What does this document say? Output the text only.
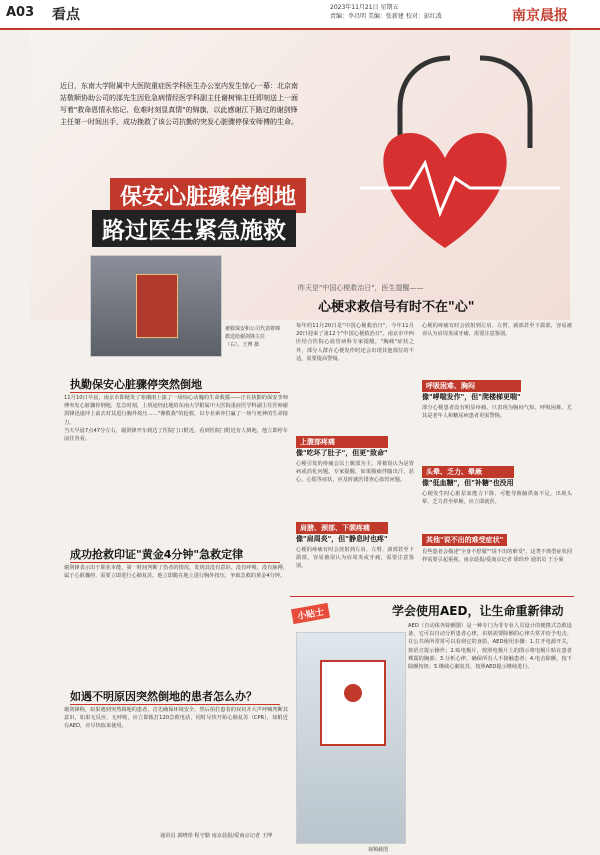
A03 看点	2023年11月21日 星期五
责编：李昌明 美编：张新建 校对：彭红波	南京晨报
近日，东南大学附属中大医院重症医学科医生办公室内发生惊心一幕：北京南站敬顺协助公司的邵先生因危急病情经医学科副主任谢树锦主任即刻送上一面写着"救命恩情永铭记、危难时刻显真情"的锦旗，以此感谢江下路过的谢剑锋主任第一时间出手，成功挽救了该公司抗勤的突发心脏骤停保安师傅的生命。
保安心脏骤停倒地
路过医生紧急施救
被救保安和公司代表将锦旗送给谢剑锋主任（右）。王博 摄
执勤保安心脏骤停突然倒地
11月10日早晨，南京市即梗发了寒潮雨上演了一场惊心动魄的生命救援——正在执勤的保安李师傅突发心脏骤停倒地，危急时刻，上班途经此地的东南大学附属中大医院重症医学科副主任医师谢剑锋迅速冲上前去对其进行胸外按压……"像救我"的抢救，以专业素养打赢了一场与死神的生命接力。
当天早晨7点47分左右，谢剑锋开车到达了医院门口附近，看到医院门附近有人倒地，他立即停车前往查看。
成功抢救印证"黄金4分钟"急救定律
谢剑锋表示出于职业本能，第一时间判断了伤者的情况，发现其没有意识、没有呼吸、没有脉搏，属于心脏骤停，需要立即进行心肺复苏。他立即跪在地上进行胸外按压，争取急救的黄金4分钟。
如遇不明原因突然倒地的患者怎么办？
谢剑锋称，如果遇到突然倒地的患者，首先确保环境安全，然后拍打患者的双肩并大声呼喊判断其意识，如果无反应、无呼吸，应立即拨打120急救电话，同时尽快开始心肺复苏（CPR），如附近有AED，应尽快取来使用。
通讯员 郭晓彤 程守勤 南京晨报/爱南京记者 王博
昨天是"中国心梗救治日"，医生提醒——
心梗求救信号有时不在"心"
每年的11月20日是"中国心梗救治日"，今年11月20日迎来了第12个"中国心梗救治日"。南京市中西医结合医院心血管病科专家提醒，"胸痛"症状之外，部分人群在心梗发作时还会出现其他部位的不适，需要提高警惕。
上腹部疼痛
像"吃坏了肚子"，但更"致命"
心梗引发的疼痛会以上腹部为主，常被误认为是胃病或消化问题。专家提醒，如果腹痛伴随出汗、恶心、心慌等症状，应及时就医排查心血管问题。
肩膀、颈部、下颌疼痛
像"肩周炎"，但"静息时也疼"
心梗的疼痛有时会放射到左肩、左臂、颈部甚至下颌部，容易被误认为肩周炎或牙痛，需要注意鉴别。
心梗的疼痛有时会放射到左肩、左臂、颈部甚至下颌部，容易被误认为肩周炎或牙痛，需要注意鉴别。
呼吸困难、胸闷
像"哮喘发作"，但"爬楼梯更喘"
部分心梗患者没有明显疼痛，只表现为胸闷气短、呼吸困难，尤其是老年人和糖尿病患者更需警惕。
头晕、乏力、晕厥
像"低血糖"，但"补糖"也没用
心梗发生时心脏泵血能力下降，可能导致脑供血不足，出现头晕、乏力甚至晕厥，应立即就医。
其他"说不出的难受症状"
有些患者会描述"全身不舒服""说不出的难受"，这类不典型症状同样需要引起重视。南京晨报/爱南京记者 徐珍珍 通讯员 王小菊
小贴士	学会使用AED，让生命重新律动
AED（自动体外除颤器）是一种专门为非专业人员设计的便携式急救设备，它可以自动分析患者心律，识别需要除颤的心律失常并给予电击。在公共场所常常可以看到它的身影。AED使用步骤：1.打开电源开关，按语音提示操作；2.贴电极片，按照电极片上的图示将电极片贴在患者裸露的胸部；3.分析心律，确保所有人不接触患者；4.电击除颤，按下除颤按钮；5.继续心肺复苏，按照AED提示继续进行。
视频截图
